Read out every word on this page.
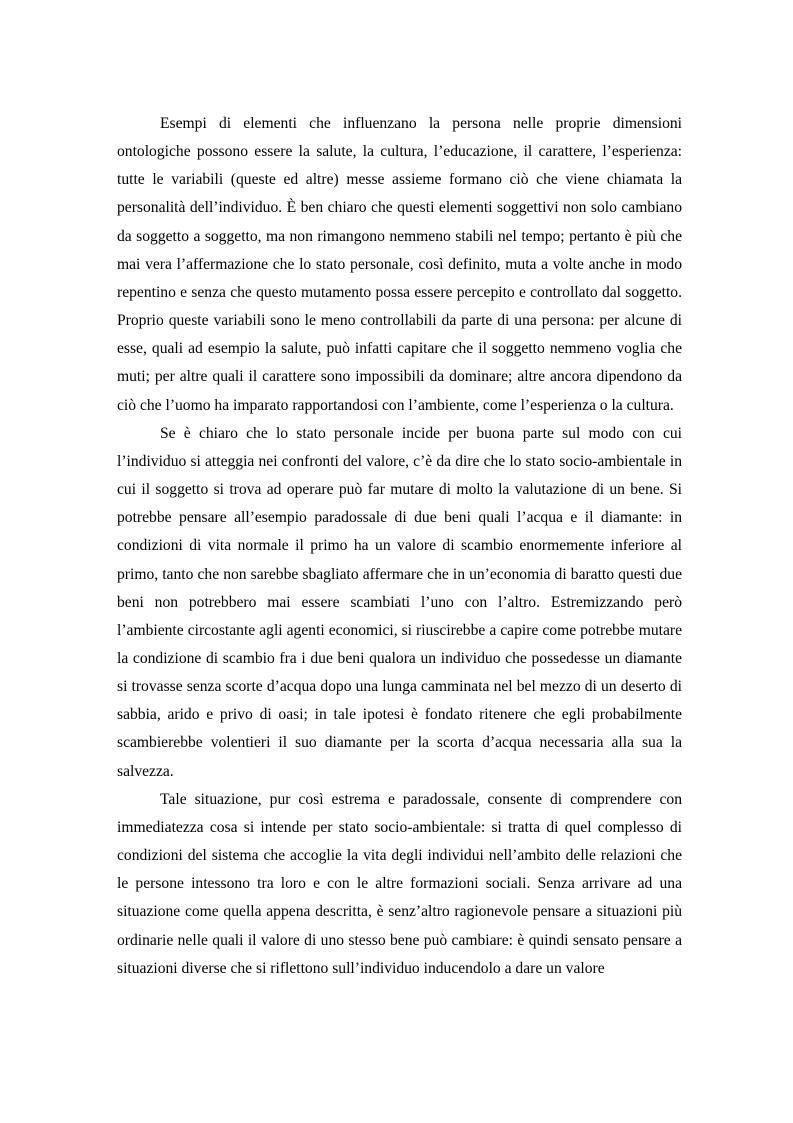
Esempi di elementi che influenzano la persona nelle proprie dimensioni ontologiche possono essere la salute, la cultura, l’educazione, il carattere, l’esperienza: tutte le variabili (queste ed altre) messe assieme formano ciò che viene chiamata la personalità dell’individuo. È ben chiaro che questi elementi soggettivi non solo cambiano da soggetto a soggetto, ma non rimangono nemmeno stabili nel tempo; pertanto è più che mai vera l’affermazione che lo stato personale, così definito, muta a volte anche in modo repentino e senza che questo mutamento possa essere percepito e controllato dal soggetto. Proprio queste variabili sono le meno controllabili da parte di una persona: per alcune di esse, quali ad esempio la salute, può infatti capitare che il soggetto nemmeno voglia che muti; per altre quali il carattere sono impossibili da dominare; altre ancora dipendono da ciò che l’uomo ha imparato rapportandosi con l’ambiente, come l’esperienza o la cultura.

Se è chiaro che lo stato personale incide per buona parte sul modo con cui l’individuo si atteggia nei confronti del valore, c’è da dire che lo stato socio-ambientale in cui il soggetto si trova ad operare può far mutare di molto la valutazione di un bene. Si potrebbe pensare all’esempio paradossale di due beni quali l’acqua e il diamante: in condizioni di vita normale il primo ha un valore di scambio enormemente inferiore al primo, tanto che non sarebbe sbagliato affermare che in un’economia di baratto questi due beni non potrebbero mai essere scambiati l’uno con l’altro. Estremizzando però l’ambiente circostante agli agenti economici, si riuscirebbe a capire come potrebbe mutare la condizione di scambio fra i due beni qualora un individuo che possedesse un diamante si trovasse senza scorte d’acqua dopo una lunga camminata nel bel mezzo di un deserto di sabbia, arido e privo di oasi; in tale ipotesi è fondato ritenere che egli probabilmente scambierebbe volentieri il suo diamante per la scorta d’acqua necessaria alla sua la salvezza.

Tale situazione, pur così estrema e paradossale, consente di comprendere con immediatezza cosa si intende per stato socio-ambientale: si tratta di quel complesso di condizioni del sistema che accoglie la vita degli individui nell’ambito delle relazioni che le persone intessono tra loro e con le altre formazioni sociali. Senza arrivare ad una situazione come quella appena descritta, è senz’altro ragionevole pensare a situazioni più ordinarie nelle quali il valore di uno stesso bene può cambiare: è quindi sensato pensare a situazioni diverse che si riflettono sull’individuo inducendolo a dare un valore
